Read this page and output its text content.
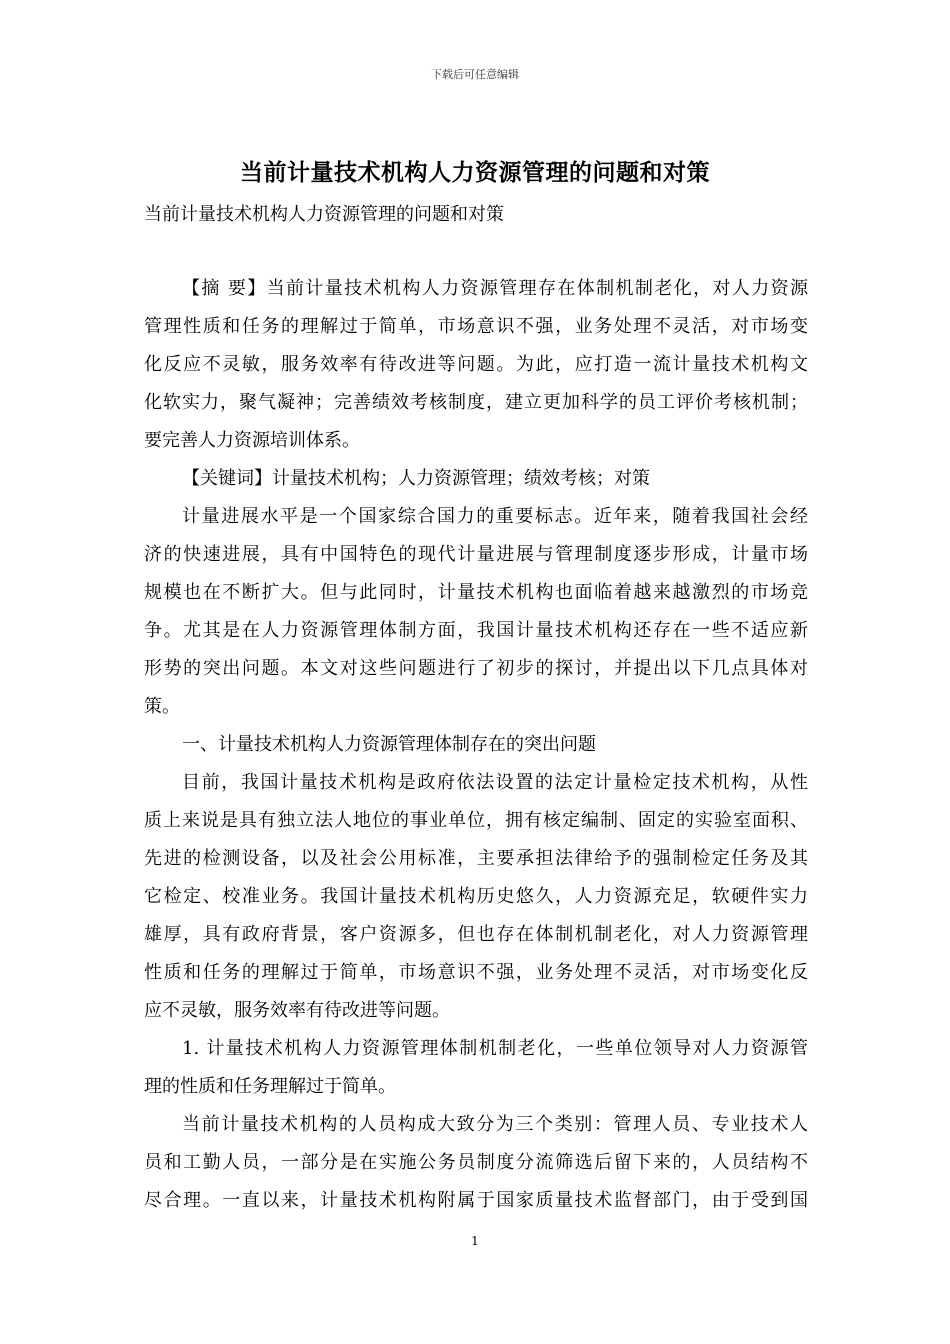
下载后可任意编辑
当前计量技术机构人力资源管理的问题和对策
当前计量技术机构人力资源管理的问题和对策
【摘 要】当前计量技术机构人力资源管理存在体制机制老化，对人力资源
管理性质和任务的理解过于简单，市场意识不强，业务处理不灵活，对市场变
化反应不灵敏，服务效率有待改进等问题。为此，应打造一流计量技术机构文
化软实力，聚气凝神；完善绩效考核制度，建立更加科学的员工评价考核机制；
要完善人力资源培训体系。
【关键词】计量技术机构；人力资源管理；绩效考核；对策
计量进展水平是一个国家综合国力的重要标志。近年来，随着我国社会经
济的快速进展，具有中国特色的现代计量进展与管理制度逐步形成，计量市场
规模也在不断扩大。但与此同时，计量技术机构也面临着越来越激烈的市场竞
争。尤其是在人力资源管理体制方面，我国计量技术机构还存在一些不适应新
形势的突出问题。本文对这些问题进行了初步的探讨，并提出以下几点具体对
策。
一、计量技术机构人力资源管理体制存在的突出问题
目前，我国计量技术机构是政府依法设置的法定计量检定技术机构，从性
质上来说是具有独立法人地位的事业单位，拥有核定编制、固定的实验室面积、
先进的检测设备，以及社会公用标准，主要承担法律给予的强制检定任务及其
它检定、校准业务。我国计量技术机构历史悠久，人力资源充足，软硬件实力
雄厚，具有政府背景，客户资源多，但也存在体制机制老化，对人力资源管理
性质和任务的理解过于简单，市场意识不强，业务处理不灵活，对市场变化反
应不灵敏，服务效率有待改进等问题。
1. 计量技术机构人力资源管理体制机制老化，一些单位领导对人力资源管
理的性质和任务理解过于简单。
当前计量技术机构的人员构成大致分为三个类别：管理人员、专业技术人
员和工勤人员，一部分是在实施公务员制度分流筛选后留下来的，人员结构不
尽合理。一直以来，计量技术机构附属于国家质量技术监督部门，由于受到国
1
